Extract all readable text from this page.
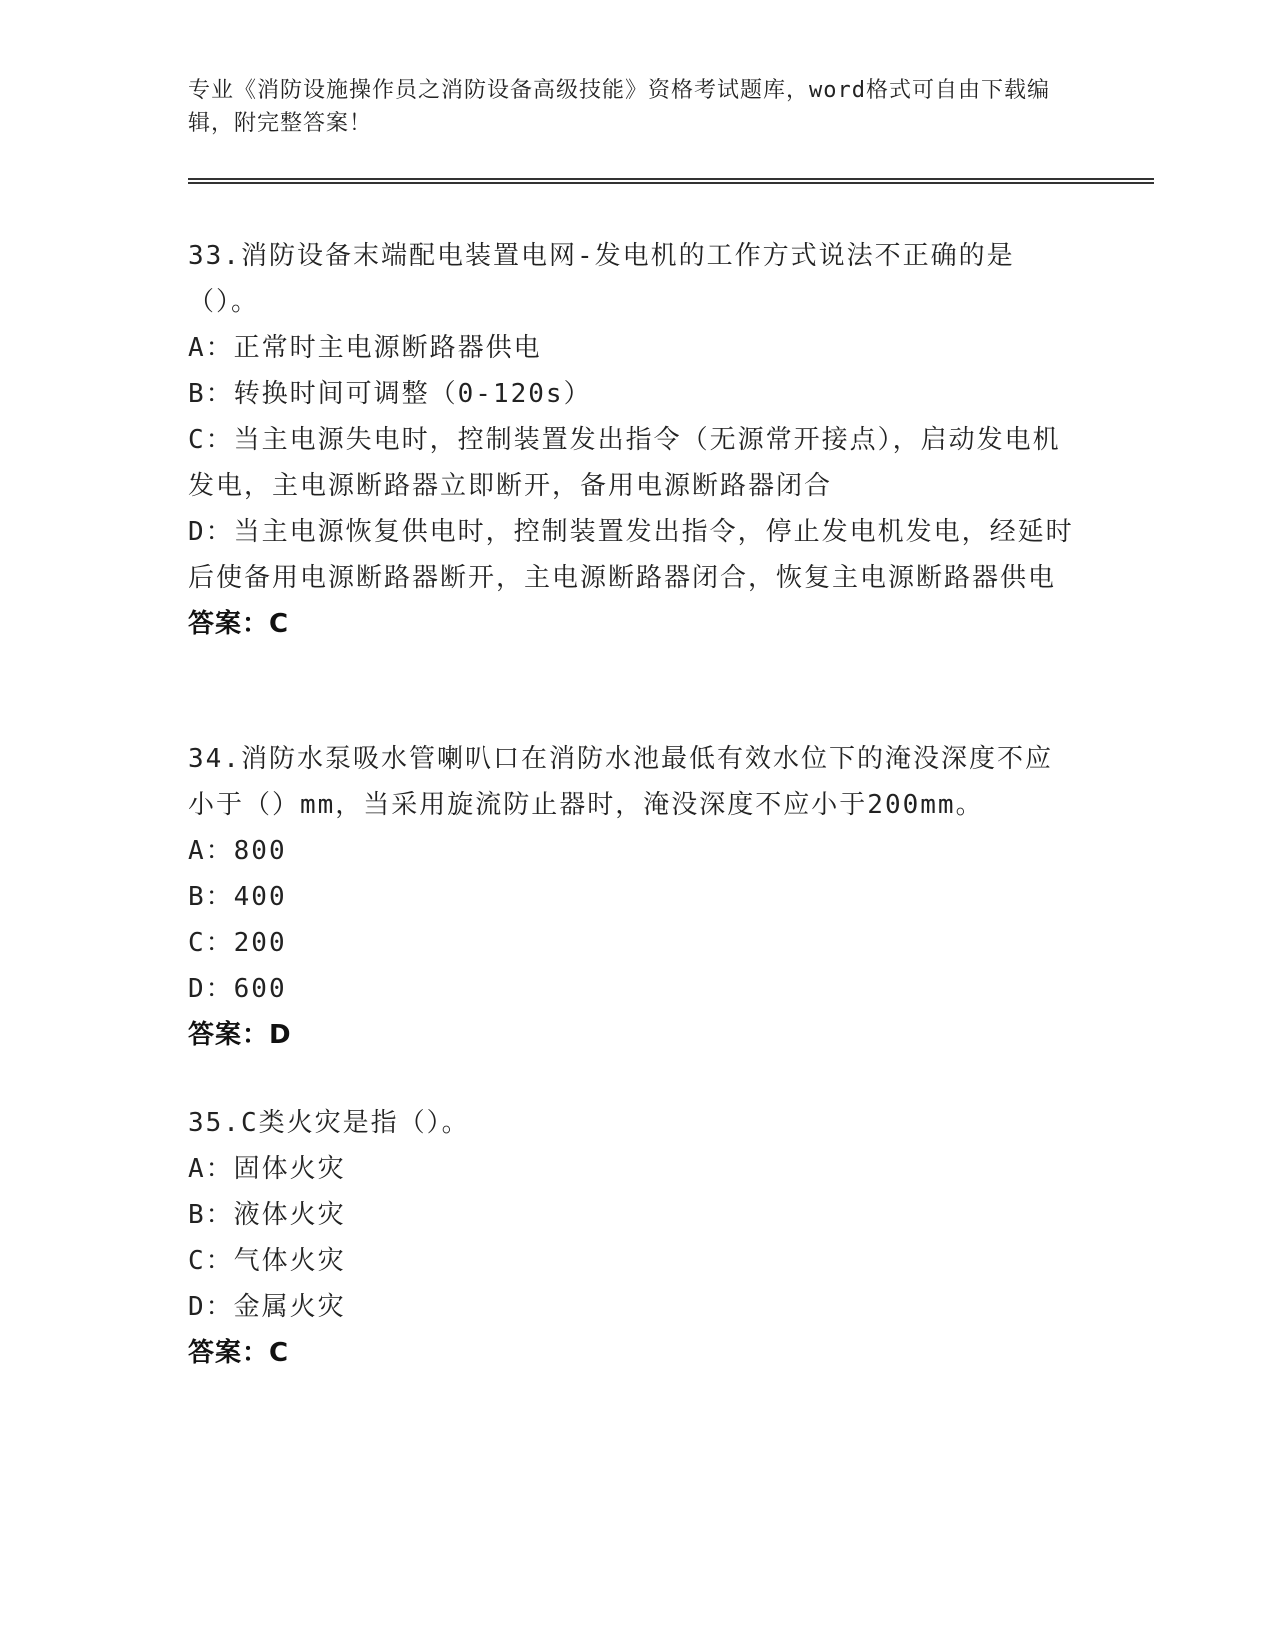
专业《消防设施操作员之消防设备高级技能》资格考试题库，word格式可自由下载编辑，附完整答案！

33.消防设备末端配电装置电网-发电机的工作方式说法不正确的是（）。

A：正常时主电源断路器供电

B：转换时间可调整（0-120s）

C：当主电源失电时，控制装置发出指令（无源常开接点），启动发电机发电，主电源断路器立即断开，备用电源断路器闭合

D：当主电源恢复供电时，控制装置发出指令，停止发电机发电，经延时后使备用电源断路器断开，主电源断路器闭合，恢复主电源断路器供电

答案：C

34.消防水泵吸水管喇叭口在消防水池最低有效水位下的淹没深度不应小于（）mm，当采用旋流防止器时，淹没深度不应小于200mm。

A：800

B：400

C：200

D：600

答案：D

35.C类火灾是指（）。

A：固体火灾

B：液体火灾

C：气体火灾

D：金属火灾

答案：C
